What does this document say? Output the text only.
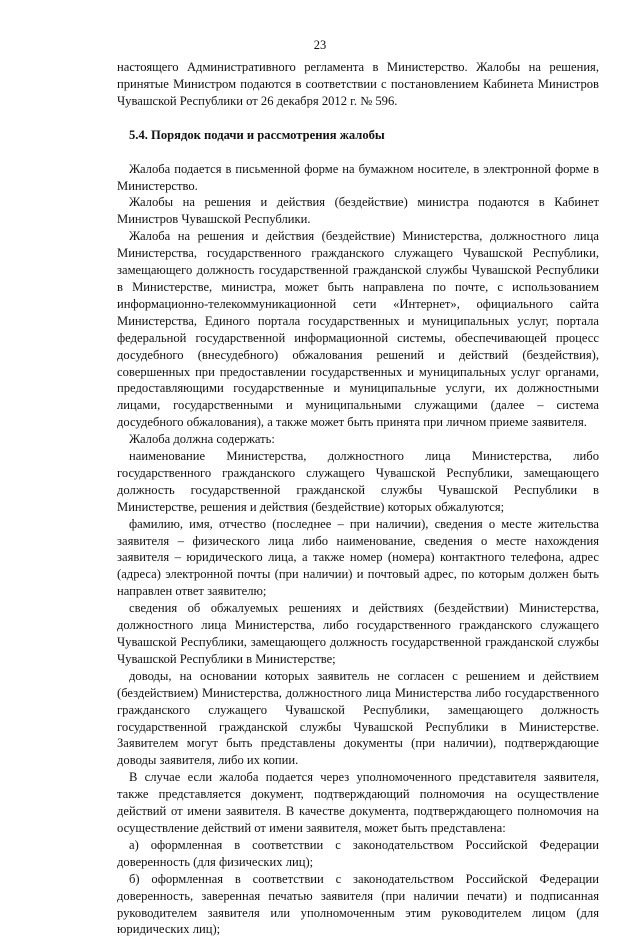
23

настоящего Административного регламента в Министерство. Жалобы на решения, принятые Министром подаются в соответствии с постановлением Кабинета Министров Чувашской Республики от 26 декабря 2012 г. № 596.

5.4. Порядок подачи и рассмотрения жалобы

Жалоба подается в письменной форме на бумажном носителе, в электронной форме в Министерство.

Жалобы на решения и действия (бездействие) министра подаются в Кабинет Министров Чувашской Республики.

Жалоба на решения и действия (бездействие) Министерства, должностного лица Министерства, государственного гражданского служащего Чувашской Республики, замещающего должность государственной гражданской службы Чувашской Республики в Министерстве, министра, может быть направлена по почте, с использованием информационно-телекоммуникационной сети «Интернет», официального сайта Министерства, Единого портала государственных и муниципальных услуг, портала федеральной государственной информационной системы, обеспечивающей процесс досудебного (внесудебного) обжалования решений и действий (бездействия), совершенных при предоставлении государственных и муниципальных услуг органами, предоставляющими государственные и муниципальные услуги, их должностными лицами, государственными и муниципальными служащими (далее – система досудебного обжалования), а также может быть принята при личном приеме заявителя.

Жалоба должна содержать:

наименование Министерства, должностного лица Министерства, либо государственного гражданского служащего Чувашской Республики, замещающего должность государственной гражданской службы Чувашской Республики в Министерстве, решения и действия (бездействие) которых обжалуются;

фамилию, имя, отчество (последнее – при наличии), сведения о месте жительства заявителя – физического лица либо наименование, сведения о месте нахождения заявителя – юридического лица, а также номер (номера) контактного телефона, адрес (адреса) электронной почты (при наличии) и почтовый адрес, по которым должен быть направлен ответ заявителю;

сведения об обжалуемых решениях и действиях (бездействии) Министерства, должностного лица Министерства, либо государственного гражданского служащего Чувашской Республики, замещающего должность государственной гражданской службы Чувашской Республики в Министерстве;

доводы, на основании которых заявитель не согласен с решением и действием (бездействием) Министерства, должностного лица Министерства либо государственного гражданского служащего Чувашской Республики, замещающего должность государственной гражданской службы Чувашской Республики в Министерстве. Заявителем могут быть представлены документы (при наличии), подтверждающие доводы заявителя, либо их копии.

В случае если жалоба подается через уполномоченного представителя заявителя, также представляется документ, подтверждающий полномочия на осуществление действий от имени заявителя. В качестве документа, подтверждающего полномочия на осуществление действий от имени заявителя, может быть представлена:

а) оформленная в соответствии с законодательством Российской Федерации доверенность (для физических лиц);

б) оформленная в соответствии с законодательством Российской Федерации доверенность, заверенная печатью заявителя (при наличии печати) и подписанная руководителем заявителя или уполномоченным этим руководителем лицом (для юридических лиц);
